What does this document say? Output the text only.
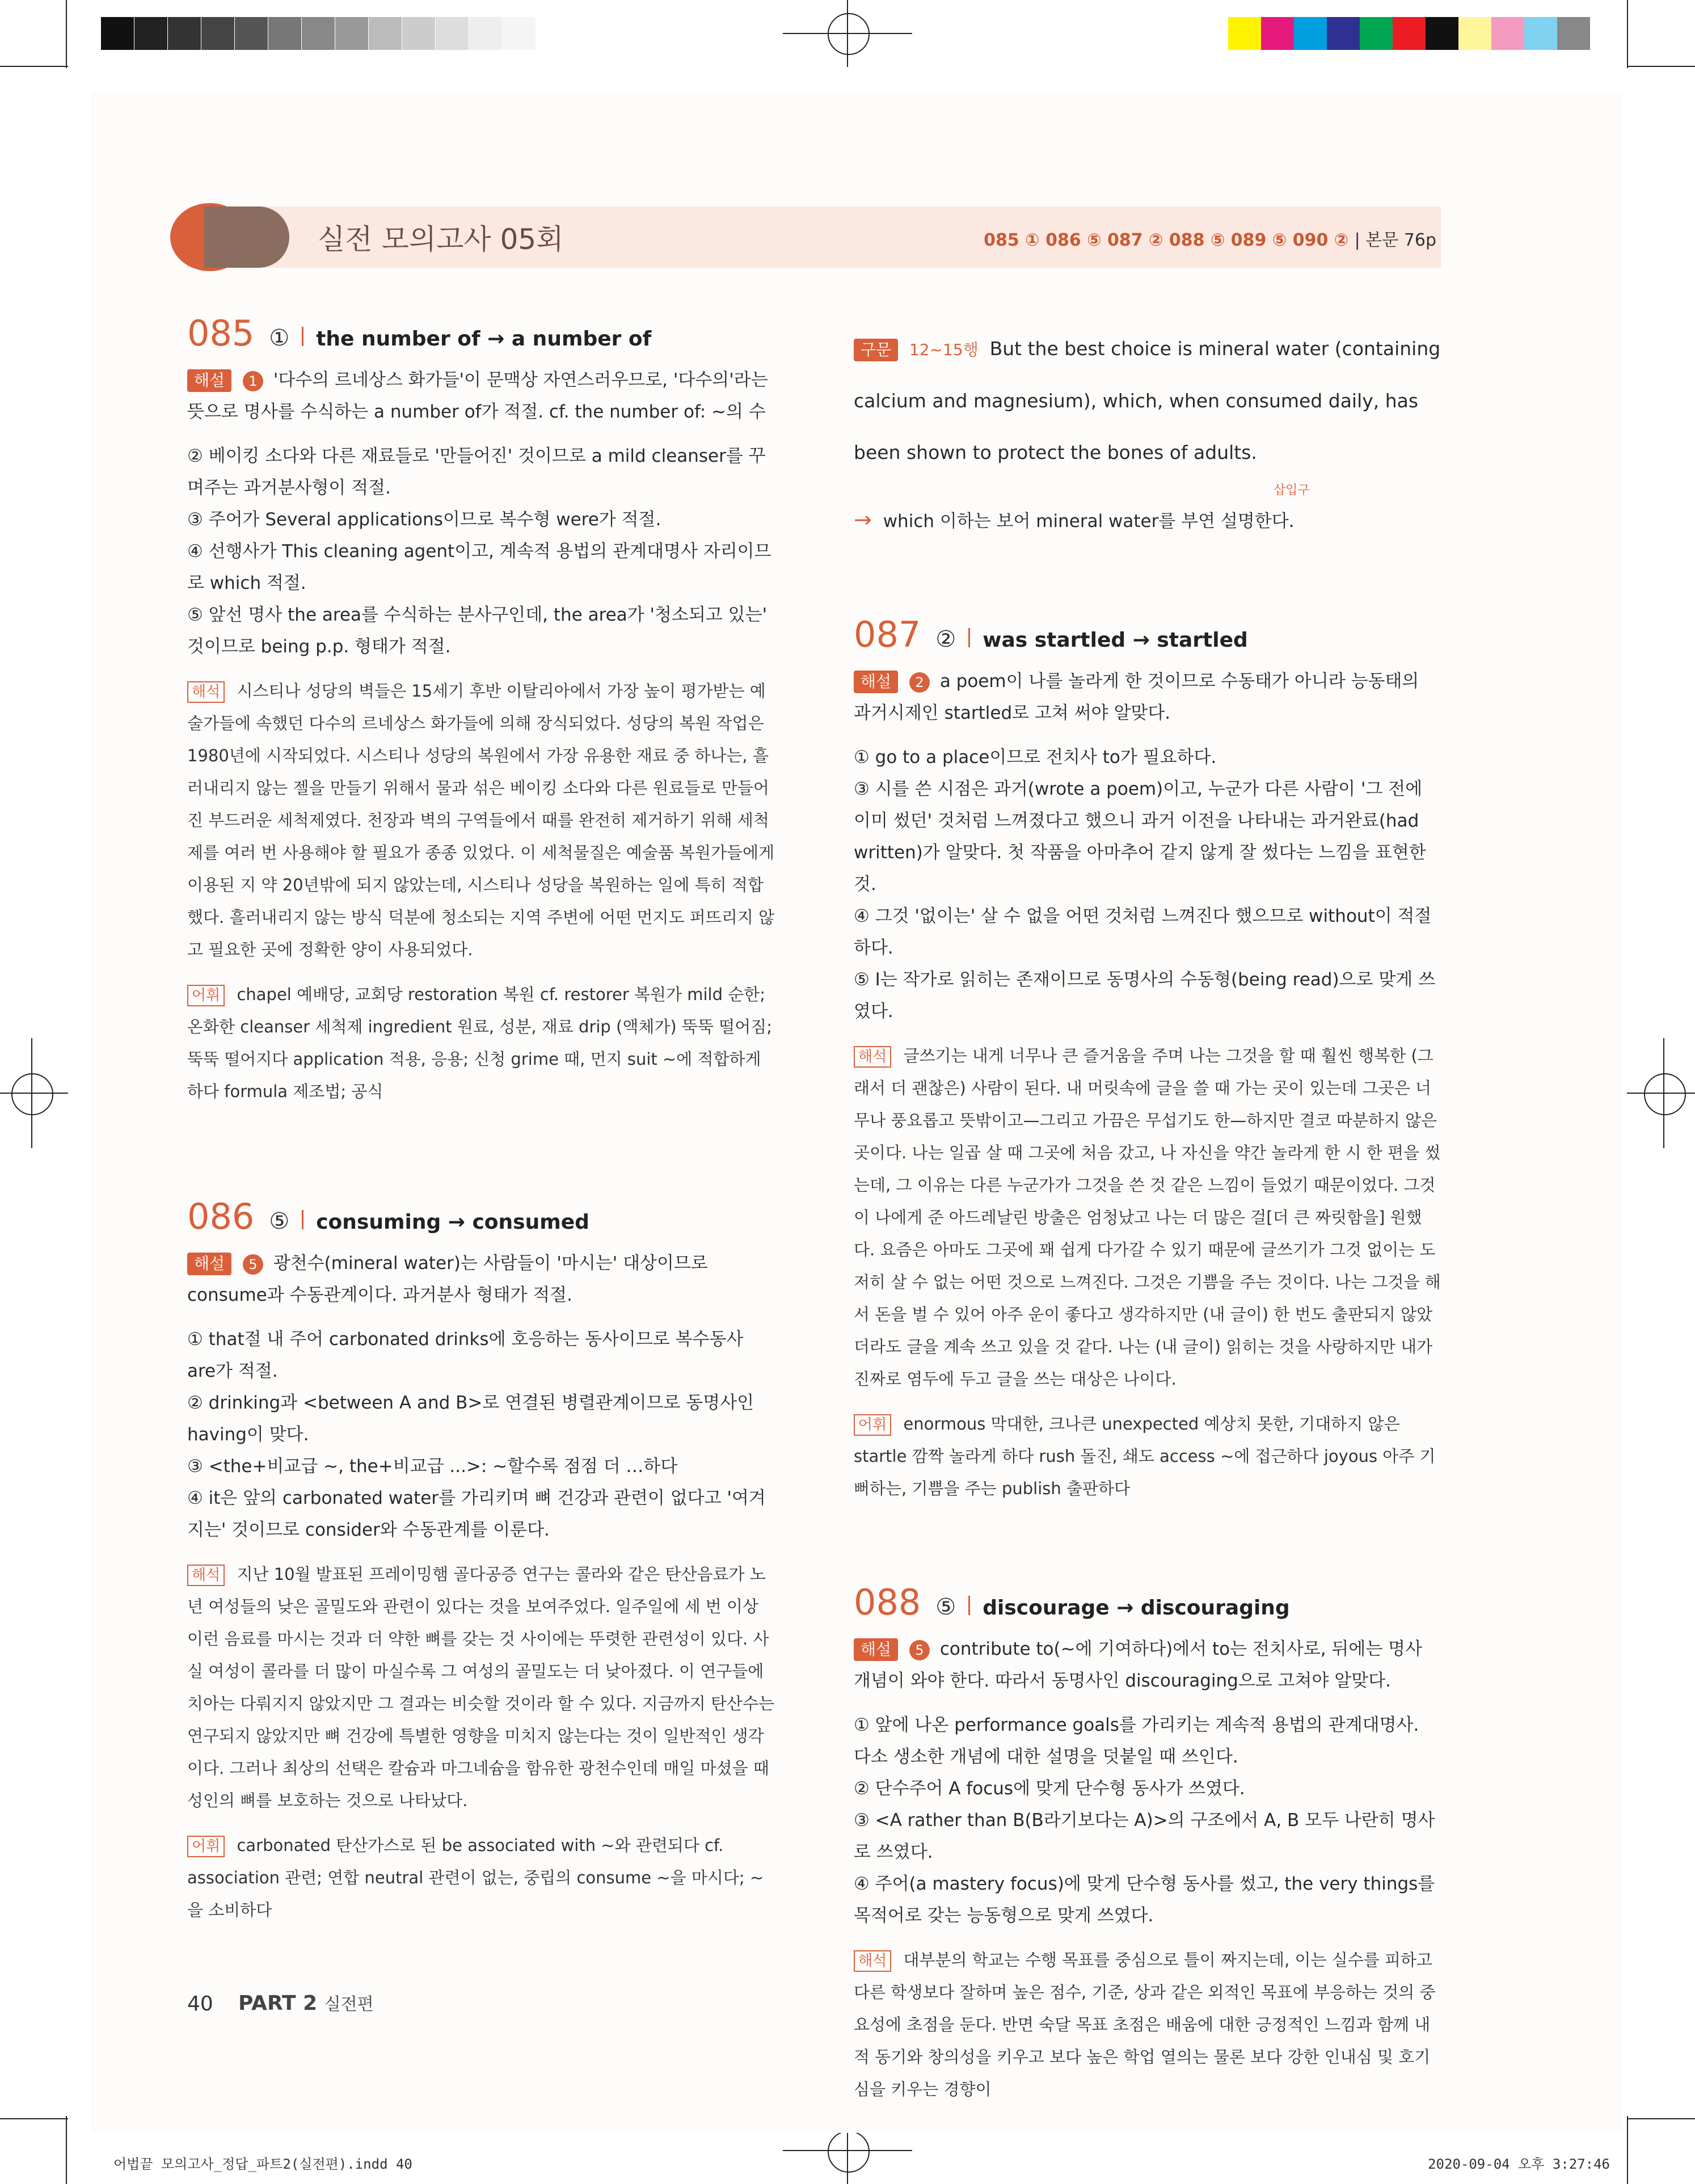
실전 모의고사 05회	085 ① 086 ⑤ 087 ② 088 ⑤ 089 ⑤ 090 ② | 본문 76p
085 ① the number of → a number of

해설 1 '다수의 르네상스 화가들'이 문맥상 자연스러우므로, '다수의'라는 뜻으로 명사를 수식하는 a number of가 적절. cf. the number of: ~의 수

② 베이킹 소다와 다른 재료들로 '만들어진' 것이므로 a mild cleanser를 꾸며주는 과거분사형이 적절.
③ 주어가 Several applications이므로 복수형 were가 적절.
④ 선행사가 This cleaning agent이고, 계속적 용법의 관계대명사 자리이므로 which 적절.
⑤ 앞선 명사 the area를 수식하는 분사구인데, the area가 '청소되고 있는' 것이므로 being p.p. 형태가 적절.

해석 시스티나 성당의 벽들은 15세기 후반 이탈리아에서 가장 높이 평가받는 예술가들에 속했던 다수의 르네상스 화가들에 의해 장식되었다. 성당의 복원 작업은 1980년에 시작되었다. 시스티나 성당의 복원에서 가장 유용한 재료 중 하나는, 흘러내리지 않는 젤을 만들기 위해서 물과 섞은 베이킹 소다와 다른 원료들로 만들어진 부드러운 세척제였다. 천장과 벽의 구역들에서 때를 완전히 제거하기 위해 세척제를 여러 번 사용해야 할 필요가 종종 있었다. 이 세척물질은 예술품 복원가들에게 이용된 지 약 20년밖에 되지 않았는데, 시스티나 성당을 복원하는 일에 특히 적합했다. 흘러내리지 않는 방식 덕분에 청소되는 지역 주변에 어떤 먼지도 퍼뜨리지 않고 필요한 곳에 정확한 양이 사용되었다.

어휘 chapel 예배당, 교회당 restoration 복원 cf. restorer 복원가 mild 순한; 온화한 cleanser 세척제 ingredient 원료, 성분, 재료 drip (액체가) 뚝뚝 떨어짐; 뚝뚝 떨어지다 application 적용, 응용; 신청 grime 때, 먼지 suit ~에 적합하게 하다 formula 제조법; 공식

086 ⑤ consuming → consumed

해설 5 광천수(mineral water)는 사람들이 '마시는' 대상이므로 consume과 수동관계이다. 과거분사 형태가 적절.

① that절 내 주어 carbonated drinks에 호응하는 동사이므로 복수동사 are가 적절.
② drinking과 <between A and B>로 연결된 병렬관계이므로 동명사인 having이 맞다.
③ <the+비교급 ~, the+비교급 ...>: ~할수록 점점 더 …하다
④ it은 앞의 carbonated water를 가리키며 뼈 건강과 관련이 없다고 '여겨지는' 것이므로 consider와 수동관계를 이룬다.

해석 지난 10월 발표된 프레이밍햄 골다공증 연구는 콜라와 같은 탄산음료가 노년 여성들의 낮은 골밀도와 관련이 있다는 것을 보여주었다. 일주일에 세 번 이상 이런 음료를 마시는 것과 더 약한 뼈를 갖는 것 사이에는 뚜렷한 관련성이 있다. 사실 여성이 콜라를 더 많이 마실수록 그 여성의 골밀도는 더 낮아졌다. 이 연구들에 치아는 다뤄지지 않았지만 그 결과는 비슷할 것이라 할 수 있다. 지금까지 탄산수는 연구되지 않았지만 뼈 건강에 특별한 영향을 미치지 않는다는 것이 일반적인 생각이다. 그러나 최상의 선택은 칼슘과 마그네슘을 함유한 광천수인데 매일 마셨을 때 성인의 뼈를 보호하는 것으로 나타났다.

어휘 carbonated 탄산가스로 된 be associated with ~와 관련되다 cf. association 관련; 연합 neutral 관련이 없는, 중립의 consume ~을 마시다; ~을 소비하다

구문 12~15행 But the best choice is mineral water (containing calcium and magnesium), which, when consumed daily, has been shown to protect the bones of adults.

삽입구

→ which 이하는 보어 mineral water를 부연 설명한다.

087 ② was startled → startled

해설 2 a poem이 나를 놀라게 한 것이므로 수동태가 아니라 능동태의 과거시제인 startled로 고쳐 써야 알맞다.

① go to a place이므로 전치사 to가 필요하다.
③ 시를 쓴 시점은 과거(wrote a poem)이고, 누군가 다른 사람이 '그 전에 이미 썼던' 것처럼 느껴졌다고 했으니 과거 이전을 나타내는 과거완료(had written)가 알맞다. 첫 작품을 아마추어 같지 않게 잘 썼다는 느낌을 표현한 것.
④ 그것 '없이는' 살 수 없을 어떤 것처럼 느껴진다 했으므로 without이 적절하다.
⑤ I는 작가로 읽히는 존재이므로 동명사의 수동형(being read)으로 맞게 쓰였다.

해석 글쓰기는 내게 너무나 큰 즐거움을 주며 나는 그것을 할 때 훨씬 행복한 (그래서 더 괜찮은) 사람이 된다. 내 머릿속에 글을 쓸 때 가는 곳이 있는데 그곳은 너무나 풍요롭고 뜻밖이고—그리고 가끔은 무섭기도 한—하지만 결코 따분하지 않은 곳이다. 나는 일곱 살 때 그곳에 처음 갔고, 나 자신을 약간 놀라게 한 시 한 편을 썼는데, 그 이유는 다른 누군가가 그것을 쓴 것 같은 느낌이 들었기 때문이었다. 그것이 나에게 준 아드레날린 방출은 엄청났고 나는 더 많은 걸[더 큰 짜릿함을] 원했다. 요즘은 아마도 그곳에 꽤 쉽게 다가갈 수 있기 때문에 글쓰기가 그것 없이는 도저히 살 수 없는 어떤 것으로 느껴진다. 그것은 기쁨을 주는 것이다. 나는 그것을 해서 돈을 벌 수 있어 아주 운이 좋다고 생각하지만 (내 글이) 한 번도 출판되지 않았더라도 글을 계속 쓰고 있을 것 같다. 나는 (내 글이) 읽히는 것을 사랑하지만 내가 진짜로 염두에 두고 글을 쓰는 대상은 나이다.

어휘 enormous 막대한, 크나큰 unexpected 예상치 못한, 기대하지 않은 startle 깜짝 놀라게 하다 rush 돌진, 쇄도 access ~에 접근하다 joyous 아주 기뻐하는, 기쁨을 주는 publish 출판하다

088 ⑤ discourage → discouraging

해설 5 contribute to(~에 기여하다)에서 to는 전치사로, 뒤에는 명사 개념이 와야 한다. 따라서 동명사인 discouraging으로 고쳐야 알맞다.

① 앞에 나온 performance goals를 가리키는 계속적 용법의 관계대명사. 다소 생소한 개념에 대한 설명을 덧붙일 때 쓰인다.
② 단수주어 A focus에 맞게 단수형 동사가 쓰였다.
③ <A rather than B(B라기보다는 A)>의 구조에서 A, B 모두 나란히 명사로 쓰였다.
④ 주어(a mastery focus)에 맞게 단수형 동사를 썼고, the very things를 목적어로 갖는 능동형으로 맞게 쓰였다.

해석 대부분의 학교는 수행 목표를 중심으로 틀이 짜지는데, 이는 실수를 피하고 다른 학생보다 잘하며 높은 점수, 기준, 상과 같은 외적인 목표에 부응하는 것의 중요성에 초점을 둔다. 반면 숙달 목표 초점은 배움에 대한 긍정적인 느낌과 함께 내적 동기와 창의성을 키우고 보다 높은 학업 열의는 물론 보다 강한 인내심 및 호기심을 키우는 경향이

40 PART 2 실전편
어법끝 모의고사_정답_파트2(실전편).indd 40	2020-09-04 오후 3:27:46
